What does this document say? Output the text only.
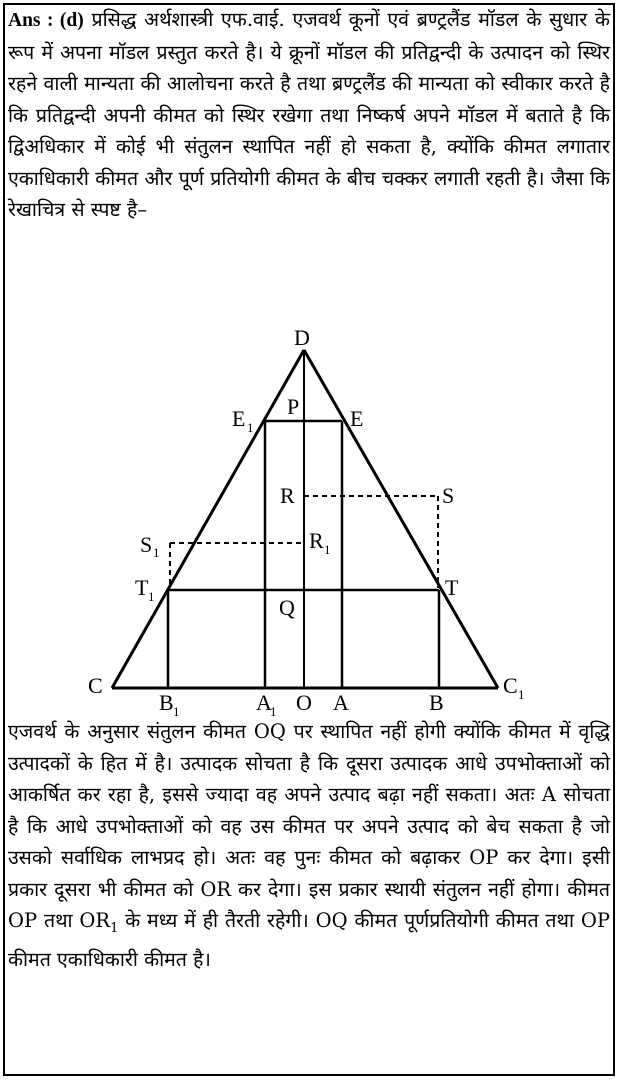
Ans : (d) प्रसिद्ध अर्थशास्त्री एफ.वाई. एजवर्थ कूनों एवं ब्रण्ट्रलैंड मॉडल के सुधार के रूप में अपना मॉडल प्रस्तुत करते है। ये क्रूनों मॉडल की प्रतिद्वन्दी के उत्पादन को स्थिर रहने वाली मान्यता की आलोचना करते है तथा ब्रण्ट्रलैंड की मान्यता को स्वीकार करते है कि प्रतिद्वन्दी अपनी कीमत को स्थिर रखेगा तथा निष्कर्ष अपने मॉडल में बताते है कि द्विअधिकार में कोई भी संतुलन स्थापित नहीं हो सकता है, क्योंकि कीमत लगातार एकाधिकारी कीमत और पूर्ण प्रतियोगी कीमत के बीच चक्कर लगाती रहती है। जैसा कि रेखाचित्र से स्पष्ट है–

D
P
E 1	E
R	S
S 1	R 1
T 1	T
Q
C
B 1	A
1 O A	B
C 1

एजवर्थ के अनुसार संतुलन कीमत OQ पर स्थापित नहीं होगी क्योंकि कीमत में वृद्धि उत्पादकों के हित में है। उत्पादक सोचता है कि दूसरा उत्पादक आधे उपभोक्ताओं को आकर्षित कर रहा है, इससे ज्यादा वह अपने उत्पाद बढ़ा नहीं सकता। अतः A सोचता है कि आधे उपभोक्ताओं को वह उस कीमत पर अपने उत्पाद को बेच सकता है जो उसको सर्वाधिक लाभप्रद हो। अतः वह पुनः कीमत को बढ़ाकर OP कर देगा। इसी प्रकार दूसरा भी कीमत को OR कर देगा। इस प्रकार स्थायी संतुलन नहीं होगा। कीमत OP तथा $OR_1$ के मध्य में ही तैरती रहेगी। OQ कीमत पूर्णप्रतियोगी कीमत तथा OP कीमत एकाधिकारी कीमत है।
